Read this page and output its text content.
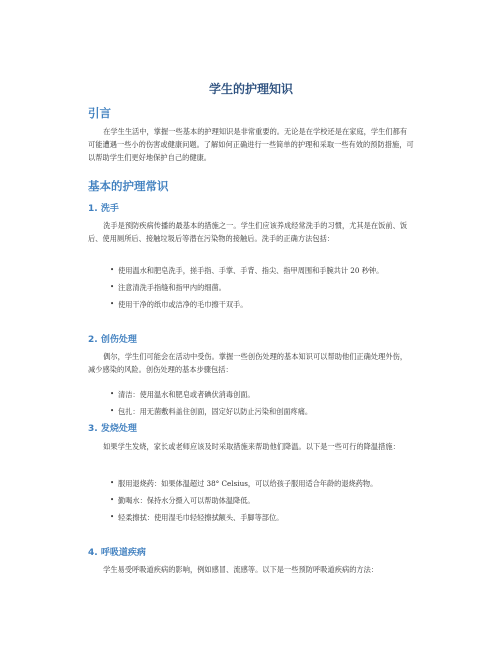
学生的护理知识
引言
在学生生活中，掌握一些基本的护理知识是非常重要的。无论是在学校还是在家庭，学生们都有可能遭遇一些小的伤害或健康问题。了解如何正确进行一些简单的护理和采取一些有效的预防措施，可以帮助学生们更好地保护自己的健康。
基本的护理常识
1. 洗手
洗手是预防疾病传播的最基本的措施之一。学生们应该养成经常洗手的习惯，尤其是在饭前、饭后、使用厕所后、接触垃圾后等潜在污染物的接触后。洗手的正确方法包括：
• 使用温水和肥皂洗手，搓手指、手掌、手背、指尖、指甲周围和手腕共计 20 秒钟。
• 注意清洗手指缝和指甲内的细菌。
• 使用干净的纸巾或洁净的毛巾擦干双手。
2. 创伤处理
偶尔，学生们可能会在活动中受伤。掌握一些创伤处理的基本知识可以帮助他们正确处理外伤，减少感染的风险。创伤处理的基本步骤包括：
• 清洁：使用温水和肥皂或者碘伏消毒创面。
• 包扎：用无菌敷料盖住创面，固定好以防止污染和创面疼痛。
3. 发烧处理
如果学生发烧，家长或老师应该及时采取措施来帮助他们降温。以下是一些可行的降温措施：
• 服用退烧药：如果体温超过 38° Celsius，可以给孩子服用适合年龄的退烧药物。
• 勤喝水：保持水分摄入可以帮助体温降低。
• 轻柔擦拭：使用湿毛巾轻轻擦拭额头、手脚等部位。
4. 呼吸道疾病
学生易受呼吸道疾病的影响，例如感冒、流感等。以下是一些预防呼吸道疾病的方法：
